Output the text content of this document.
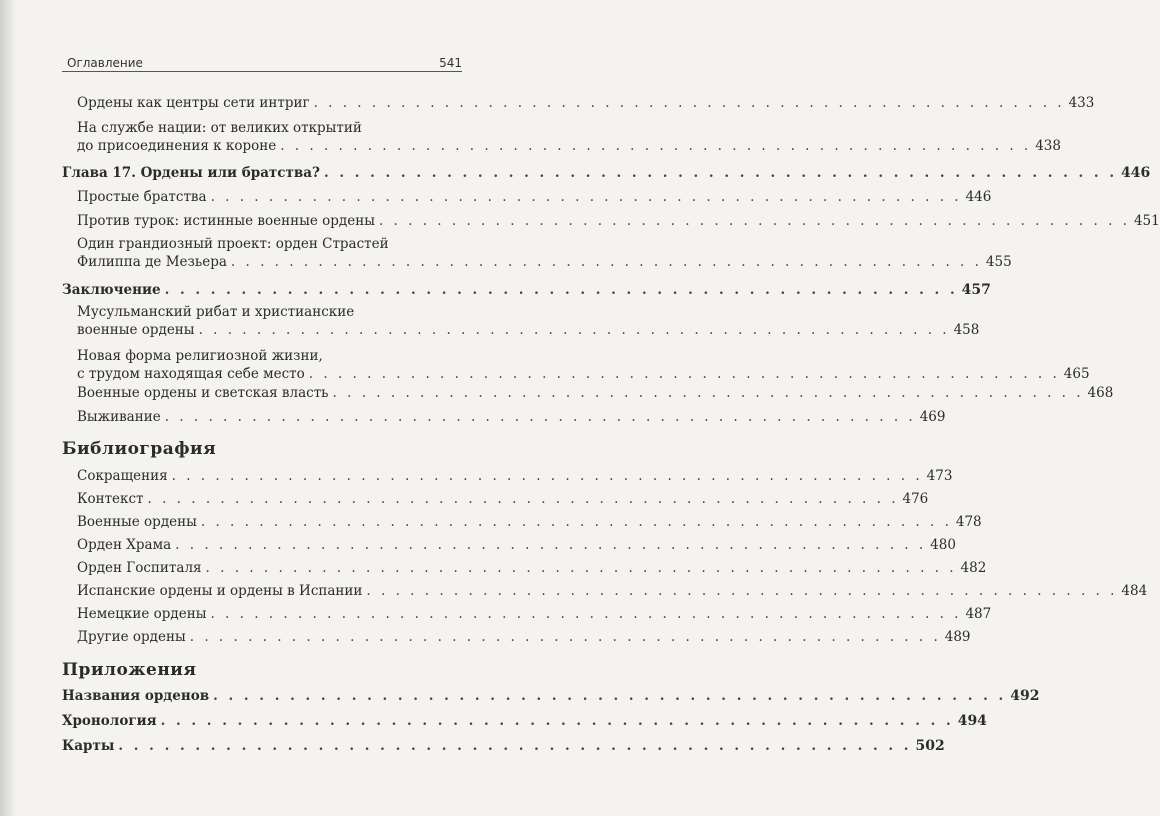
Оглавление	541
Ордены как центры сети интриг . . . . . . . . . . . . . . . . . . . . . . . . . . . . . . . . . . . . . . . . . . . . . . . . . . . . 433
На службе нации: от великих открытий
до присоединения к короне . . . . . . . . . . . . . . . . . . . . . . . . . . . . . . . . . . . . . . . . . . . . . . . . . . . . 438
Глава 17. Ордены или братства? . . . . . . . . . . . . . . . . . . . . . . . . . . . . . . . . . . . . . . . . . . . . . . . . . . . . 446
Простые братства . . . . . . . . . . . . . . . . . . . . . . . . . . . . . . . . . . . . . . . . . . . . . . . . . . . . 446
Против турок: истинные военные ордены . . . . . . . . . . . . . . . . . . . . . . . . . . . . . . . . . . . . . . . . . . . . . . . . . . . . 451
Один грандиозный проект: орден Страстей
Филиппа де Мезьера . . . . . . . . . . . . . . . . . . . . . . . . . . . . . . . . . . . . . . . . . . . . . . . . . . . . 455
Заключение . . . . . . . . . . . . . . . . . . . . . . . . . . . . . . . . . . . . . . . . . . . . . . . . . . . . 457
Мусульманский рибат и христианские
военные ордены . . . . . . . . . . . . . . . . . . . . . . . . . . . . . . . . . . . . . . . . . . . . . . . . . . . . 458
Новая форма религиозной жизни,
с трудом находящая себе место . . . . . . . . . . . . . . . . . . . . . . . . . . . . . . . . . . . . . . . . . . . . . . . . . . . . 465
Военные ордены и светская власть . . . . . . . . . . . . . . . . . . . . . . . . . . . . . . . . . . . . . . . . . . . . . . . . . . . . 468
Выживание . . . . . . . . . . . . . . . . . . . . . . . . . . . . . . . . . . . . . . . . . . . . . . . . . . . . 469
Библиография
Сокращения . . . . . . . . . . . . . . . . . . . . . . . . . . . . . . . . . . . . . . . . . . . . . . . . . . . . 473
Контекст . . . . . . . . . . . . . . . . . . . . . . . . . . . . . . . . . . . . . . . . . . . . . . . . . . . . 476
Военные ордены . . . . . . . . . . . . . . . . . . . . . . . . . . . . . . . . . . . . . . . . . . . . . . . . . . . . 478
Орден Храма . . . . . . . . . . . . . . . . . . . . . . . . . . . . . . . . . . . . . . . . . . . . . . . . . . . . 480
Орден Госпиталя . . . . . . . . . . . . . . . . . . . . . . . . . . . . . . . . . . . . . . . . . . . . . . . . . . . . 482
Испанские ордены и ордены в Испании . . . . . . . . . . . . . . . . . . . . . . . . . . . . . . . . . . . . . . . . . . . . . . . . . . . . 484
Немецкие ордены . . . . . . . . . . . . . . . . . . . . . . . . . . . . . . . . . . . . . . . . . . . . . . . . . . . . 487
Другие ордены . . . . . . . . . . . . . . . . . . . . . . . . . . . . . . . . . . . . . . . . . . . . . . . . . . . . 489
Приложения
Названия орденов . . . . . . . . . . . . . . . . . . . . . . . . . . . . . . . . . . . . . . . . . . . . . . . . . . . . 492
Хронология . . . . . . . . . . . . . . . . . . . . . . . . . . . . . . . . . . . . . . . . . . . . . . . . . . . . 494
Карты . . . . . . . . . . . . . . . . . . . . . . . . . . . . . . . . . . . . . . . . . . . . . . . . . . . . 502
